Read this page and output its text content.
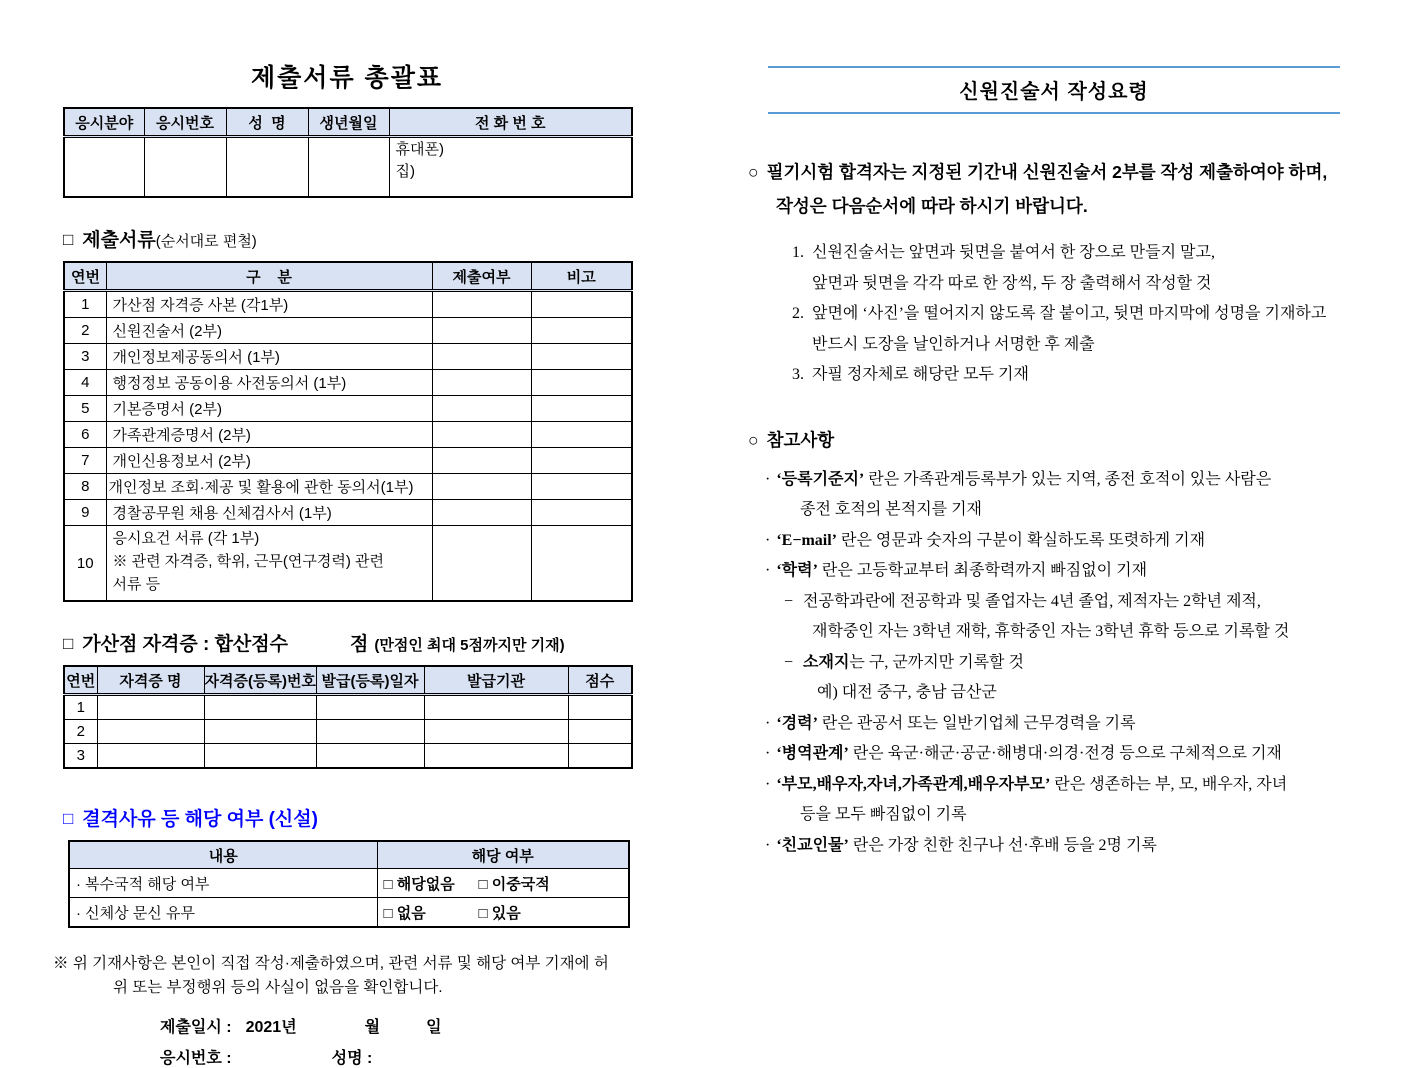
제출서류 총괄표
응시분야	응시번호	성  명	생년월일	전 화 번 호

				휴대폰)
집)
□ 제출서류(순서대로 편철)
연번	구    분	제출여부	비고
1	가산점 자격증 사본 (각1부)		
2	신원진술서 (2부)		
3	개인정보제공동의서 (1부)		
4	행정정보 공동이용 사전동의서 (1부)		
5	기본증명서 (2부)		
6	가족관계증명서 (2부)		
7	개인신용정보서 (2부)		
8	개인정보 조회·제공 및 활용에 관한 동의서(1부)		
9	경찰공무원 채용 신체검사서 (1부)		
10	응시요건 서류 (각 1부)
※ 관련 자격증, 학위, 근무(연구경력) 관련
서류 등		

□ 가산점 자격증 : 합산점수	점 (만점인 최대 5점까지만 기재)
연번	자격증 명	자격증(등록)번호	발급(등록)일자	발급기관	점수
1					
2					
3					
□ 결격사유 등 해당 여부 (신설)
내용	해당 여부
· 복수국적 해당 여부	□ 해당없음 □ 이중국적
· 신체상 문신 유무	□ 없음 □ 있음
※ 위 기재사항은 본인이 직접 작성·제출하였으며, 관련 서류 및 해당 여부 기재에 허
위 또는 부정행위 등의 사실이 없음을 확인합니다.
제출일시 : 2021년	월	일
응시번호 :	성명 :
신원진술서 작성요령
○ 필기시험 합격자는 지정된 기간내 신원진술서 2부를 작성 제출하여야 하며,
작성은 다음순서에 따라 하시기 바랍니다.
1. 신원진술서는 앞면과 뒷면을 붙여서 한 장으로 만들지 말고,
앞면과 뒷면을 각각 따로 한 장씩, 두 장 출력해서 작성할 것
2. 앞면에 ‘사진’을 떨어지지 않도록 잘 붙이고, 뒷면 마지막에 성명을 기재하고
반드시 도장을 날인하거나 서명한 후 제출
3. 자필 정자체로 해당란 모두 기재
○ 참고사항
· ‘등록기준지’ 란은 가족관계등록부가 있는 지역, 종전 호적이 있는 사람은
종전 호적의 본적지를 기재
· ‘E−mail’ 란은 영문과 숫자의 구분이 확실하도록 또렷하게 기재
· ‘학력’ 란은 고등학교부터 최종학력까지 빠짐없이 기재
− 전공학과란에 전공학과 및 졸업자는 4년 졸업, 제적자는 2학년 제적,
재학중인 자는 3학년 재학, 휴학중인 자는 3학년 휴학 등으로 기록할 것
− 소재지는 구, 군까지만 기록할 것
예) 대전 중구, 충남 금산군
· ‘경력’ 란은 관공서 또는 일반기업체 근무경력을 기록
· ‘병역관계’ 란은 육군·해군·공군·해병대·의경·전경 등으로 구체적으로 기재
· ‘부모,배우자,자녀,가족관계,배우자부모’ 란은 생존하는 부, 모, 배우자, 자녀
등을 모두 빠짐없이 기록
· ‘친교인물’ 란은 가장 친한 친구나 선·후배 등을 2명 기록
